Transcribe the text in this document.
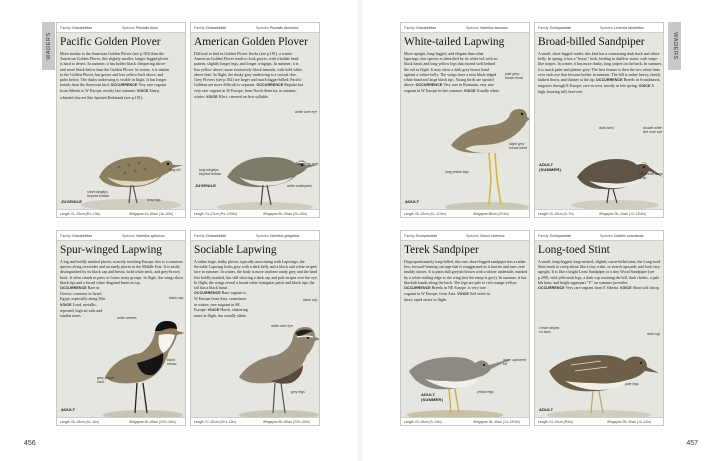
WADERS	WADERS
456	457
Family Charadriidae	Species Pluvialis fulva
Pacific Golden Plover

More similar to the American Golden Plover (see p.183) than the American Golden Plover, this slightly smaller, longer-legged plover is hard to detect. In summer, it has bolder black chequering above and more black below than the Golden Plover. In winter, it is similar to the Golden Plover, but greyer and less yellow-buff above, and paler below. The dusky underwing is visible in flight. It has longer tertials than the American bird. OCCURRENCE Very rare vagrant from Siberia to W Europe, mostly late summer. VOICE Sharp, whistled chu-eet like Spotted Redshank (see p.191).

long bill
short wingtips beyond tertials
long legs
JUVENILE
Length 21–25cm (8½–10in)	Wingspan 41–50cm (16–20in)
Family Charadriidae	Species Pluvialis dominica
American Golden Plover

Difficult to find in Golden Plover flocks (see p.181), a winter American Golden Plover tends to look greyer, with a bolder head pattern, slightly longer legs, and longer wingtips. In summer, it is less yellow above; more extensively black beneath, with bold white above lake. In flight, the dusky grey underwing is a crucial clue. Grey Plovers (see p.182) are larger and much bigger-billed; Pacific Goldens are more difficult to separate. OCCURRENCE Regular but very rare vagrant in W Europe, from North America, in autumn-winter. VOICE Klu-i, stressed on first syllable.

white over eye
black ear-spot
long wingtips beyond tertials
white underparts
JUVENILE
Length 24–27cm (9½–10½in)	Wingspan 50–55cm (20–22in)
Family Charadriidae	Species Vanellus leucurus
White-tailed Lapwing

More upright, long-legged, and elegant than other lapwings, this species is identified by its white tail with no black band, and long yellow legs that extend well behind the tail in flight. It may show a dark grey breast band against a whiter belly. The wings have a neat black-edged white band and large black tips. Young birds are spotted above. OCCURRENCE Very rare in Romania; very rare vagrant in W Europe in late summer. VOICE Usually silent.

pale grey-brown head
slight grey breast band
long yellow legs
ADULT
Length 26–29cm (10–11½in)	Wingspan 66cm (22½in)
Family Scolopacidae	Species Limicola falcinellus
Broad-billed Sandpiper

A small, short-legged wader, this bird has a contrasting dark back and white belly. In spring, it has a "bossy" look, feeding in shallow water, with snipe-like stripes. In winter, it has more dusky, long stripes on the back. In summer, it is much paler and plainer grey. The best feature is then the two white lines over each eye that become bolder in summer. The bill is rather heavy, faintly kinked down, and thinner at the tip. OCCURRENCE Breeds in Scandinavia, migrates through E Europe; rare in west, mostly in late spring. VOICE A high, buzzing trill, brer-reet.

double white line over eye
dark back
bill kinked down at tip
ADULT (SUMMER)
Length 15–18cm (6–7in)	Wingspan 30–34cm (12–13½in)
Family Charadriidae	Species Vanellus spinosus
Spur-winged Lapwing

A big and boldly marked plover, scarcely reaching Europe, this is a common species along riversides and on sandy places in the Middle East. It is easily distinguished by its black cap and breast, bold white neck, and grey-brown back. It often stands in pairs or forms noisy groups. In flight, the wings show black tips and a broad white diagonal band on top.

OCCURRENCE Rare in Greece; common in Israel, Egypt, especially along Nile. VOICE Loud, metallic, repeated, high zit-zsik and similar notes.

black cap
white cheeks
black breast
grey-brown back
ADULT
Length 25–28cm (10–11in)	Wingspan 60–65cm (23½–26in)
Family Charadriidae	Species Vanellus gregarius
Sociable Lapwing

A rather large, bulky plover, typically associating with Lapwings, the Sociable Lapwing looks grey with a dark belly and a black and white striped face in summer. In winter, the body is more uniform sandy grey and the head less boldly marked, but still showing a dark cap and pale stripes over the eye. In flight, the wings reveal a broad white triangular patch and black tips; the tail has a black band.

OCCURRENCE Rare vagrant to W Europe from Asia, sometimes in winter; rare migrant in SE Europe. VOICE Harsh, chattering notes in flight, but usually silent.

black cap
white over eye
grey legs
Length 27–30cm (10½–12in)	Wingspan 60–65cm (23½–26in)
Family Scolopacidae	Species Xenus cinereus
Terek Sandpiper

Disproportionately long-billed, this rare, short-legged sandpiper has a rather low, forward-leaning carriage that is exaggerated as it hurries and runs over muddy shores. It is plain dull greyish brown with a whiter underside, marked by a white trailing edge to the wing (not the rump is grey). In summer, it has blackish bands along the back. The legs are pale to rich orange-yellow.

OCCURRENCE Breeds in NE Europe, is very rare vagrant in W Europe, from Asia. VOICE Soft notes in short, rapid series in flight.

large, upturned bill
yellow legs
ADULT (SUMMER)
Length 22–25cm (9–10in)	Wingspan 36–40cm (14–15½in)
Family Scolopacidae	Species Calidris subminuta
Long-toed Stint

A small, long-legged, long-necked, slightly curve-billed stint, the Long-toed Stint tends to creep about like a tiny crake, or stretch upwards and look very upright. It is like a bright Least Sandpiper or a tiny Wood Sandpiper (see p.208), with yellowish legs, a dark cap reaching the bill, dark cheeks, a pale bib base, and bright upperpart "V" on summer juveniles.

OCCURRENCE Very rare vagrant from E Siberia. VOICE Short soft chirrp.

cream stripes on back
dark cap
pale legs
ADULT
Length 14–15cm (5½in)	Wingspan 25–30cm (10–12in)
